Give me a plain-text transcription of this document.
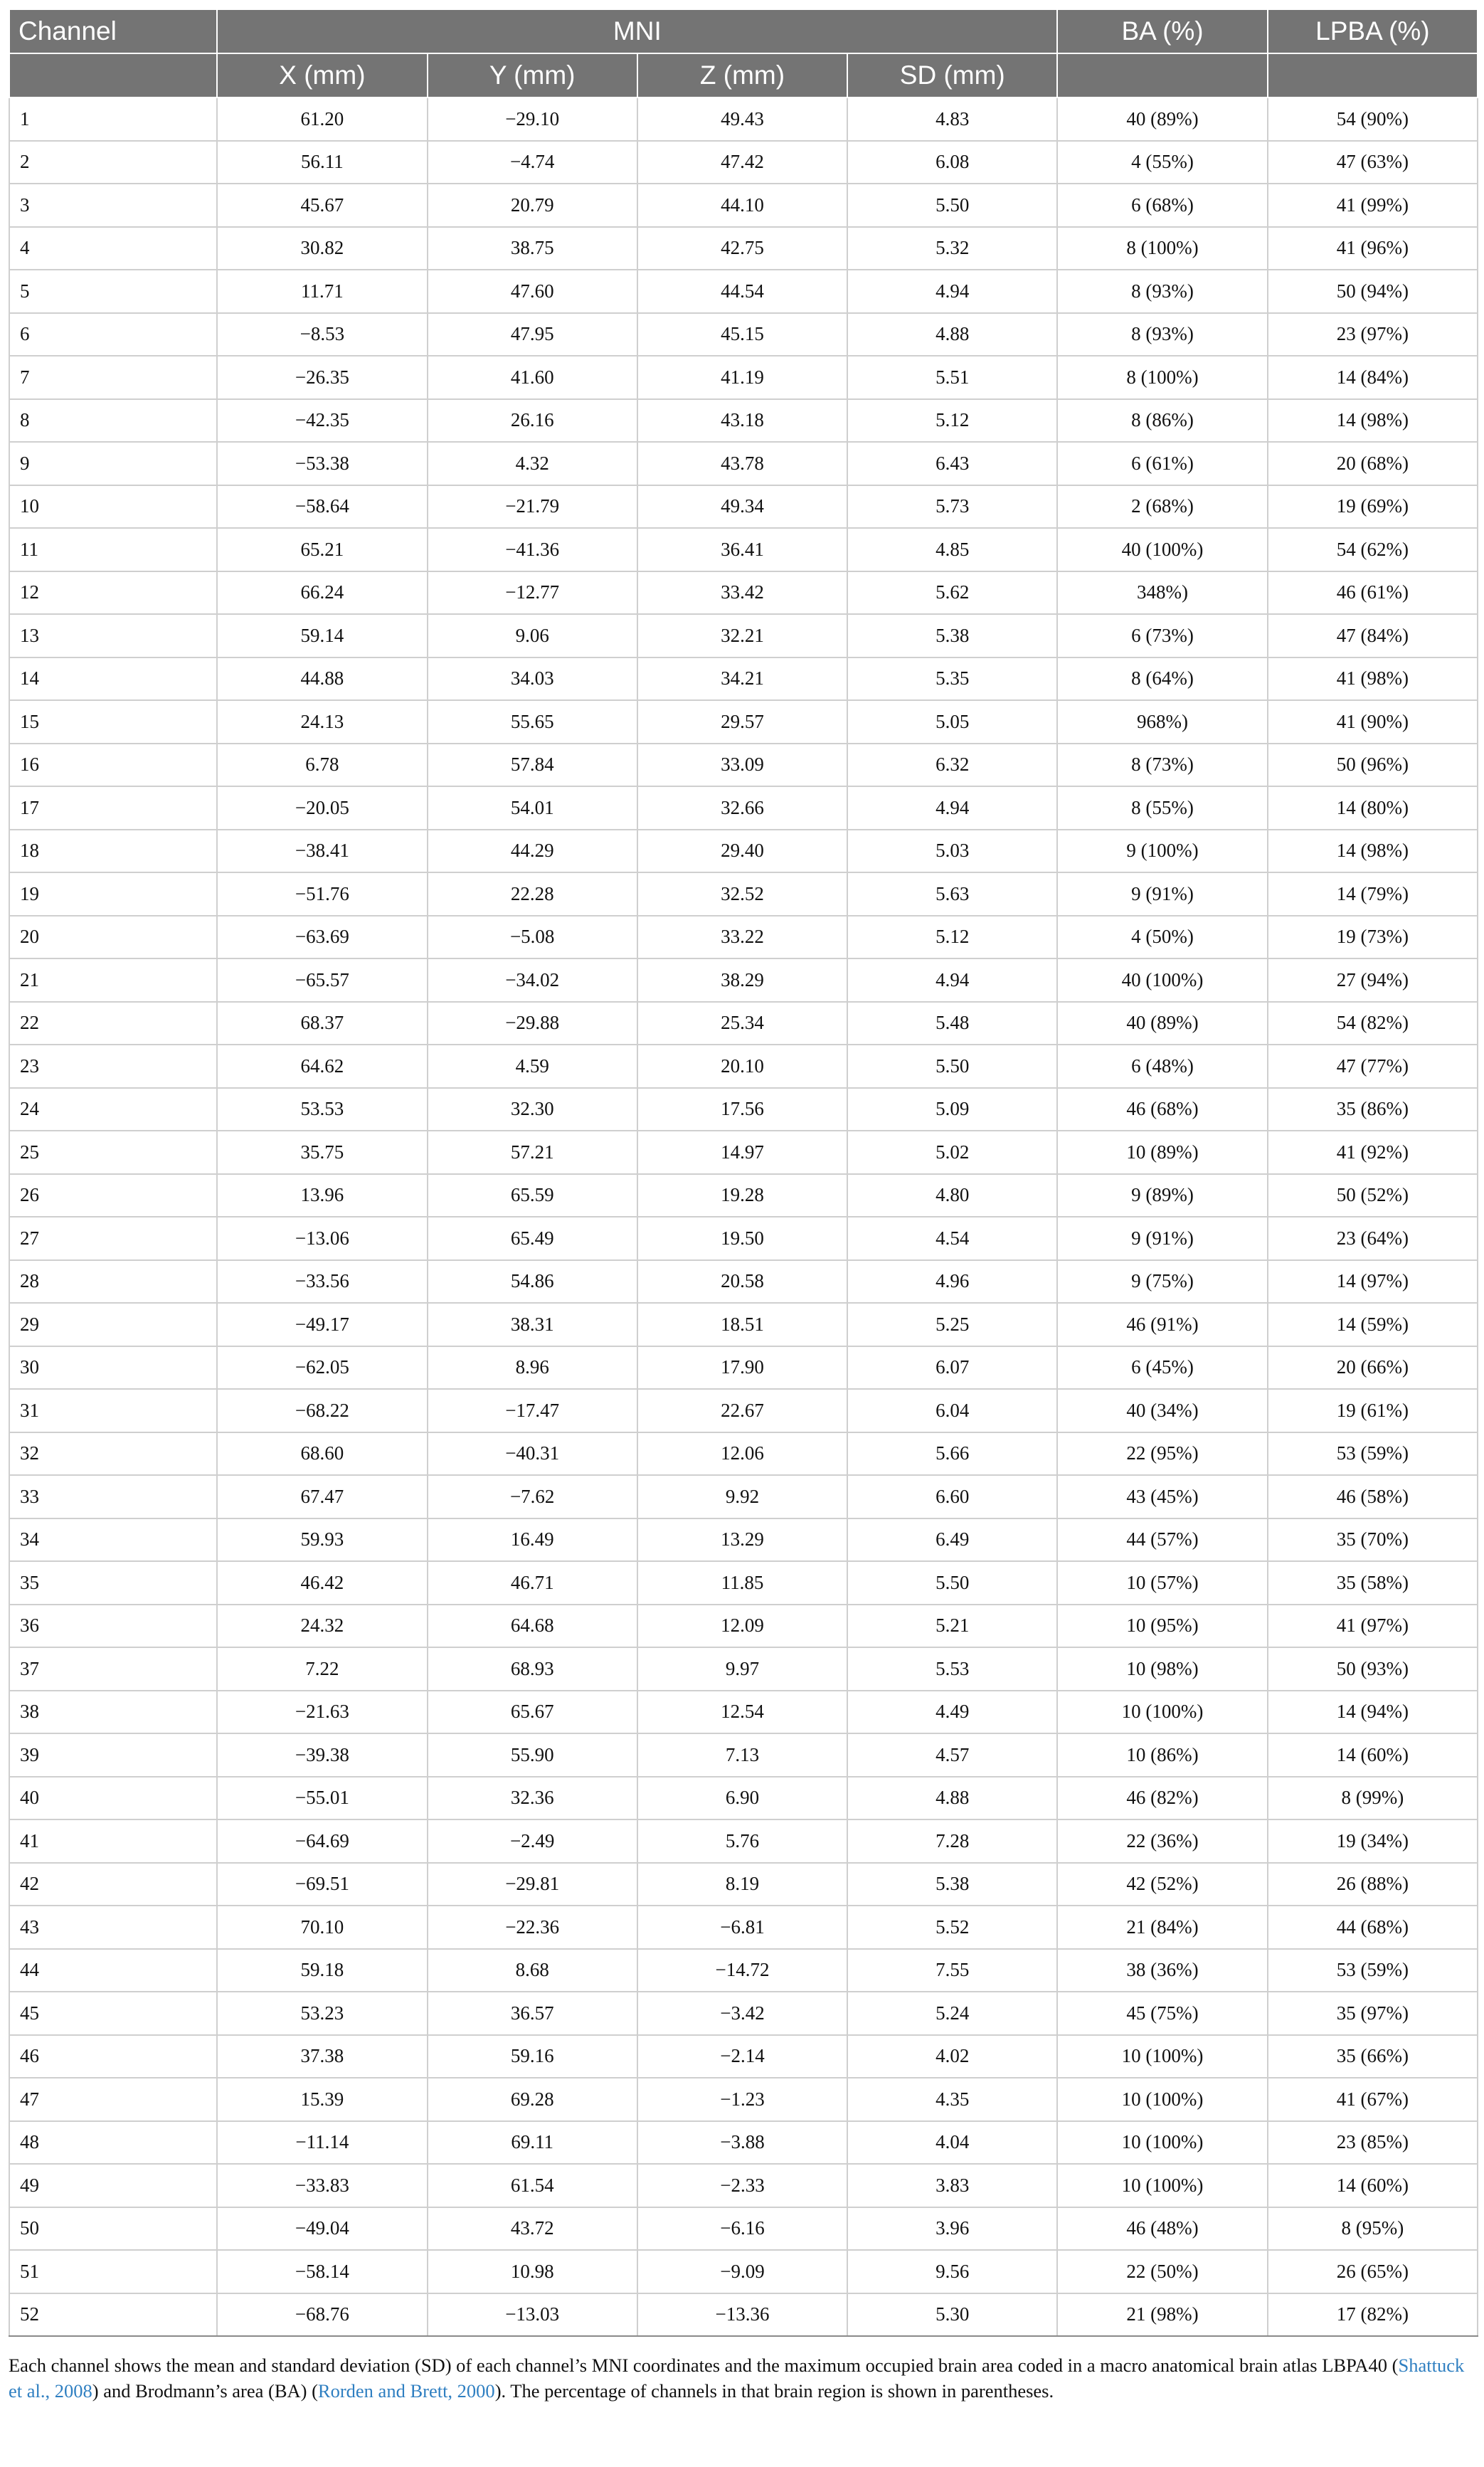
Channel	MNI				BA (%)	LPBA (%)
	X (mm)	Y (mm)	Z (mm)	SD (mm)		
1	61.20	−29.10	49.43	4.83	40 (89%)	54 (90%)
2	56.11	−4.74	47.42	6.08	4 (55%)	47 (63%)
3	45.67	20.79	44.10	5.50	6 (68%)	41 (99%)
4	30.82	38.75	42.75	5.32	8 (100%)	41 (96%)
5	11.71	47.60	44.54	4.94	8 (93%)	50 (94%)
6	−8.53	47.95	45.15	4.88	8 (93%)	23 (97%)
7	−26.35	41.60	41.19	5.51	8 (100%)	14 (84%)
8	−42.35	26.16	43.18	5.12	8 (86%)	14 (98%)
9	−53.38	4.32	43.78	6.43	6 (61%)	20 (68%)
10	−58.64	−21.79	49.34	5.73	2 (68%)	19 (69%)
11	65.21	−41.36	36.41	4.85	40 (100%)	54 (62%)
12	66.24	−12.77	33.42	5.62	348%)	46 (61%)
13	59.14	9.06	32.21	5.38	6 (73%)	47 (84%)
14	44.88	34.03	34.21	5.35	8 (64%)	41 (98%)
15	24.13	55.65	29.57	5.05	968%)	41 (90%)
16	6.78	57.84	33.09	6.32	8 (73%)	50 (96%)
17	−20.05	54.01	32.66	4.94	8 (55%)	14 (80%)
18	−38.41	44.29	29.40	5.03	9 (100%)	14 (98%)
19	−51.76	22.28	32.52	5.63	9 (91%)	14 (79%)
20	−63.69	−5.08	33.22	5.12	4 (50%)	19 (73%)
21	−65.57	−34.02	38.29	4.94	40 (100%)	27 (94%)
22	68.37	−29.88	25.34	5.48	40 (89%)	54 (82%)
23	64.62	4.59	20.10	5.50	6 (48%)	47 (77%)
24	53.53	32.30	17.56	5.09	46 (68%)	35 (86%)
25	35.75	57.21	14.97	5.02	10 (89%)	41 (92%)
26	13.96	65.59	19.28	4.80	9 (89%)	50 (52%)
27	−13.06	65.49	19.50	4.54	9 (91%)	23 (64%)
28	−33.56	54.86	20.58	4.96	9 (75%)	14 (97%)
29	−49.17	38.31	18.51	5.25	46 (91%)	14 (59%)
30	−62.05	8.96	17.90	6.07	6 (45%)	20 (66%)
31	−68.22	−17.47	22.67	6.04	40 (34%)	19 (61%)
32	68.60	−40.31	12.06	5.66	22 (95%)	53 (59%)
33	67.47	−7.62	9.92	6.60	43 (45%)	46 (58%)
34	59.93	16.49	13.29	6.49	44 (57%)	35 (70%)
35	46.42	46.71	11.85	5.50	10 (57%)	35 (58%)
36	24.32	64.68	12.09	5.21	10 (95%)	41 (97%)
37	7.22	68.93	9.97	5.53	10 (98%)	50 (93%)
38	−21.63	65.67	12.54	4.49	10 (100%)	14 (94%)
39	−39.38	55.90	7.13	4.57	10 (86%)	14 (60%)
40	−55.01	32.36	6.90	4.88	46 (82%)	8 (99%)
41	−64.69	−2.49	5.76	7.28	22 (36%)	19 (34%)
42	−69.51	−29.81	8.19	5.38	42 (52%)	26 (88%)
43	70.10	−22.36	−6.81	5.52	21 (84%)	44 (68%)
44	59.18	8.68	−14.72	7.55	38 (36%)	53 (59%)
45	53.23	36.57	−3.42	5.24	45 (75%)	35 (97%)
46	37.38	59.16	−2.14	4.02	10 (100%)	35 (66%)
47	15.39	69.28	−1.23	4.35	10 (100%)	41 (67%)
48	−11.14	69.11	−3.88	4.04	10 (100%)	23 (85%)
49	−33.83	61.54	−2.33	3.83	10 (100%)	14 (60%)
50	−49.04	43.72	−6.16	3.96	46 (48%)	8 (95%)
51	−58.14	10.98	−9.09	9.56	22 (50%)	26 (65%)
52	−68.76	−13.03	−13.36	5.30	21 (98%)	17 (82%)
Each channel shows the mean and standard deviation (SD) of each channel’s MNI coordinates and the maximum occupied brain area coded in a macro anatomical brain atlas LBPA40 (Shattuck et al., 2008) and Brodmann’s area (BA) (Rorden and Brett, 2000). The percentage of channels in that brain region is shown in parentheses.
